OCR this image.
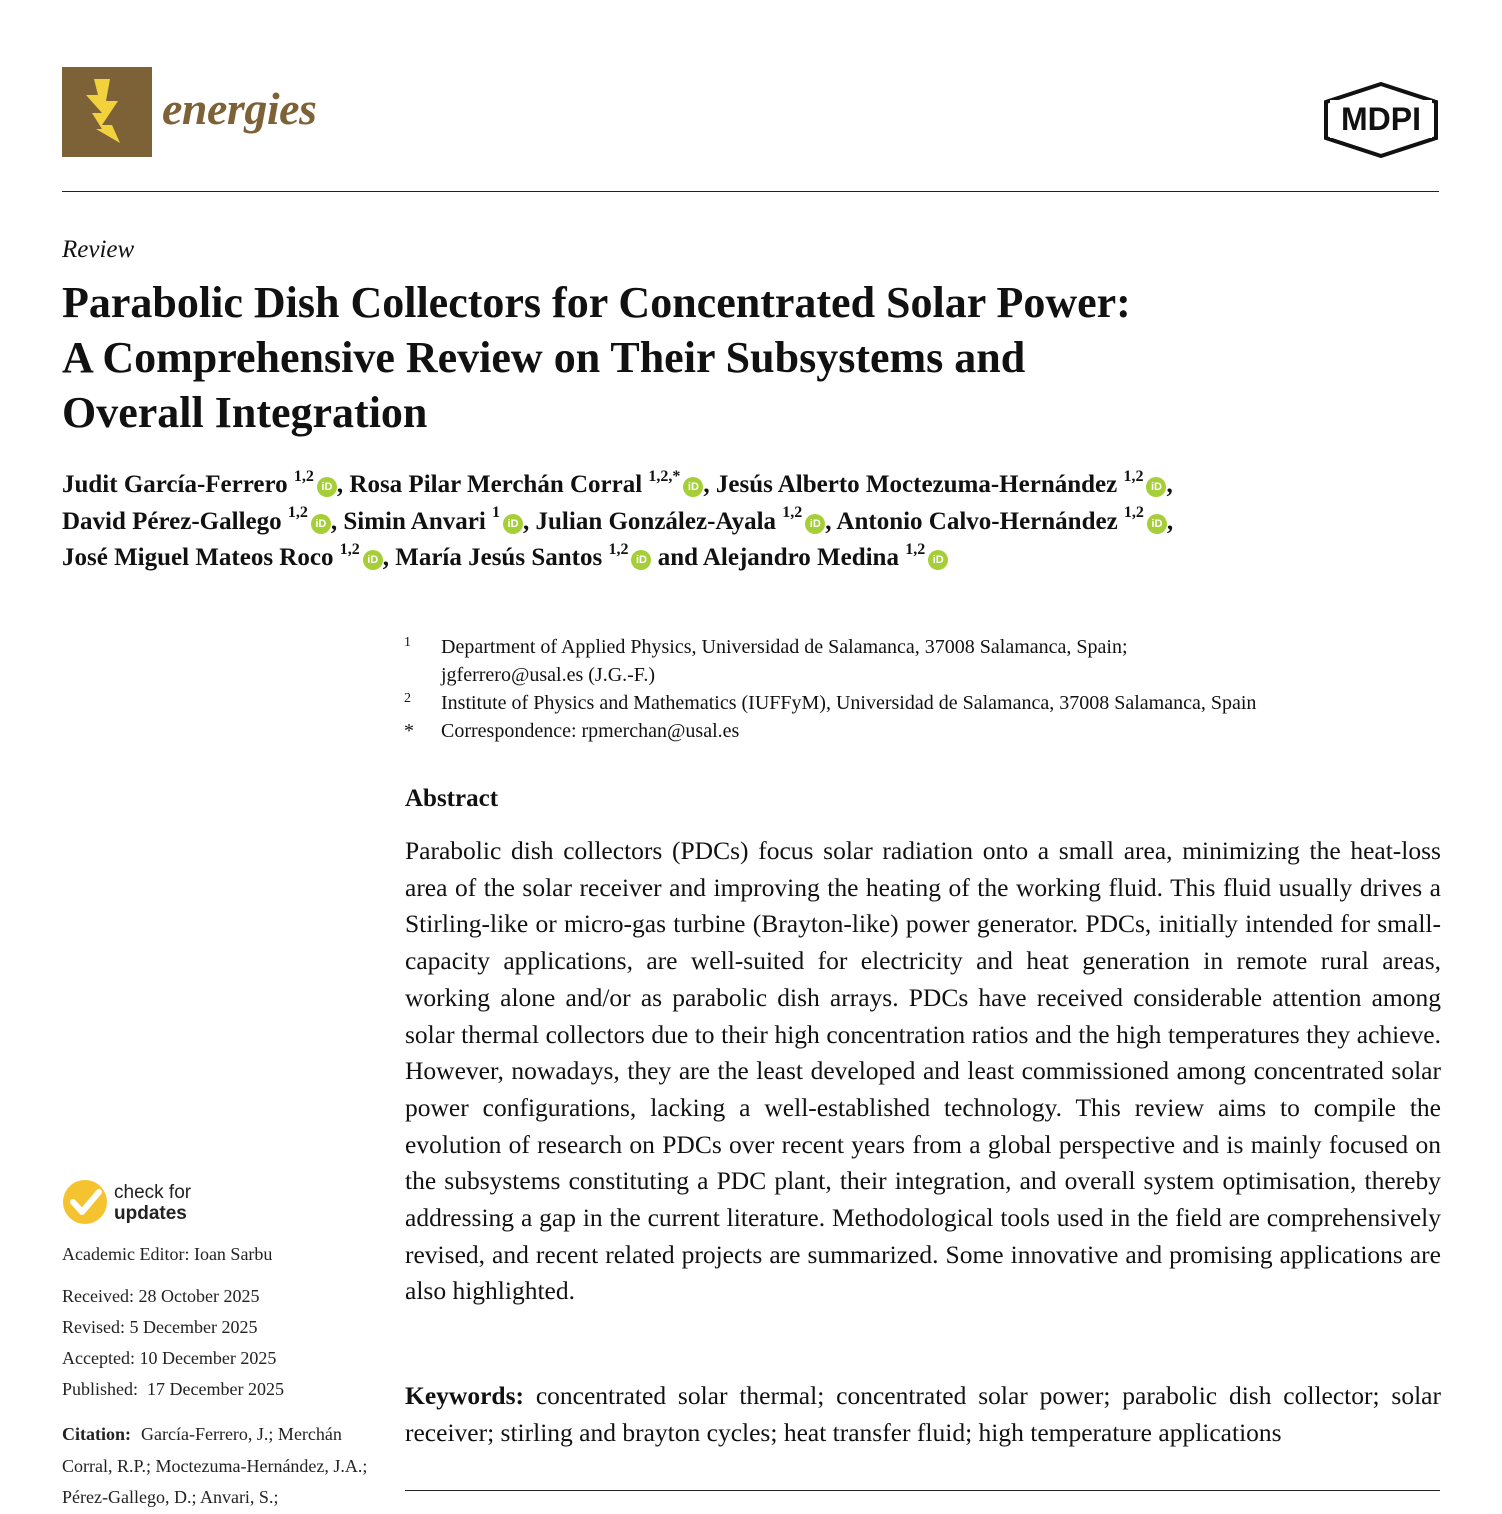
energies	MDPI
Review
Parabolic Dish Collectors for Concentrated Solar Power:
A Comprehensive Review on Their Subsystems and
Overall Integration
Judit García-Ferrero $^{1,2}$iD , Rosa Pilar Merchán Corral $^{1,2,*}$iD , Jesús Alberto Moctezuma-Hernández $^{1,2}$iD ,
David Pérez-Gallego $^{1,2}$iD , Simin Anvari $^1$iD , Julian González-Ayala $^{1,2}$iD , Antonio Calvo-Hernández $^{1,2}$iD ,
José Miguel Mateos Roco $^{1,2}$iD , María Jesús Santos $^{1,2}$iD and Alejandro Medina $^{1,2}$iD
1	Department of Applied Physics, Universidad de Salamanca, 37008 Salamanca, Spain;
jgferrero@usal.es (J.G.-F.)
2	Institute of Physics and Mathematics (IUFFyM), Universidad de Salamanca, 37008 Salamanca, Spain
*	Correspondence: rpmerchan@usal.es
Abstract

Parabolic dish collectors (PDCs) focus solar radiation onto a small area, minimizing the heat-loss area of the solar receiver and improving the heating of the working fluid. This fluid usually drives a Stirling-like or micro-gas turbine (Brayton-like) power generator. PDCs, initially intended for small-capacity applications, are well-suited for electricity and heat generation in remote rural areas, working alone and/or as parabolic dish arrays. PDCs have received considerable attention among solar thermal collectors due to their high concentration ratios and the high temperatures they achieve. However, nowadays, they are the least developed and least commissioned among concentrated solar power configurations, lacking a well-established technology. This review aims to compile the evolution of research on PDCs over recent years from a global perspective and is mainly focused on the subsystems constituting a PDC plant, their integration, and overall system optimisation, thereby addressing a gap in the current literature. Methodological tools used in the field are comprehensively revised, and recent related projects are summarized. Some innovative and promising applications are also highlighted.

Keywords: concentrated solar thermal; concentrated solar power; parabolic dish collector; solar receiver; stirling and brayton cycles; heat transfer fluid; high temperature applications

check for
updates
Academic Editor: Ioan Sarbu
Received: 28 October 2025
Revised: 5 December 2025
Accepted: 10 December 2025
Published:  17 December 2025
Citation: García-Ferrero, J.; Merchán Corral, R.P.; Moctezuma-Hernández, J.A.; Pérez-Gallego, D.; Anvari, S.;
